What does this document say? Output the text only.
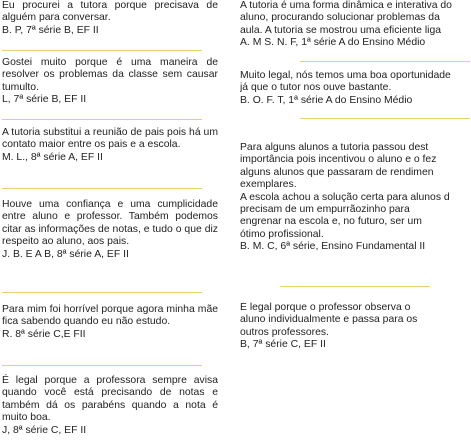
Eu procurei a tutora porque precisava de alguém para conversar.

B. P, 7ª série B, EF II

Gostei muito porque é uma maneira de resolver os problemas da classe sem causar tumulto.

L, 7ª série B, EF II

A tutoria substitui a reunião de pais pois há um contato maior entre os pais e a escola.

M. L., 8ª série A, EF II

Houve uma confiança e uma cumplicidade entre aluno e professor. Também podemos citar as informações de notas, e tudo o que diz respeito ao aluno, aos pais.

J. B. E A B, 8ª série A, EF II

Para mim foi horrível porque agora minha mãe fica sabendo quando eu não estudo.

R. 8ª série C,E FII

É legal porque a professora sempre avisa quando você está precisando de notas e também dá os parabéns quando a nota é muito boa.

J, 8ª série C, EF II

A tutoria é uma forma dinâmica e interativa do

aluno, procurando solucionar problemas da

aula. A tutoria se mostrou uma eficiente liga

A. M S. N. F, 1ª série A do Ensino Médio

Muito legal, nós temos uma boa oportunidade

já que o tutor nos ouve bastante.

B. O. F. T, 1ª série A do Ensino Médio

Para alguns alunos a tutoria passou dest

importância pois incentivou o aluno e o fez

alguns alunos que passaram de rendimen

exemplares.

A escola achou a solução certa para alunos d

precisam de um empurrãozinho para

engrenar na escola e, no futuro, ser um

ótimo profissional.

B. M. C, 6ª série, Ensino Fundamental II

É legal porque o professor observa o

aluno individualmente e passa para os

outros professores.

B, 7ª série C, EF II
